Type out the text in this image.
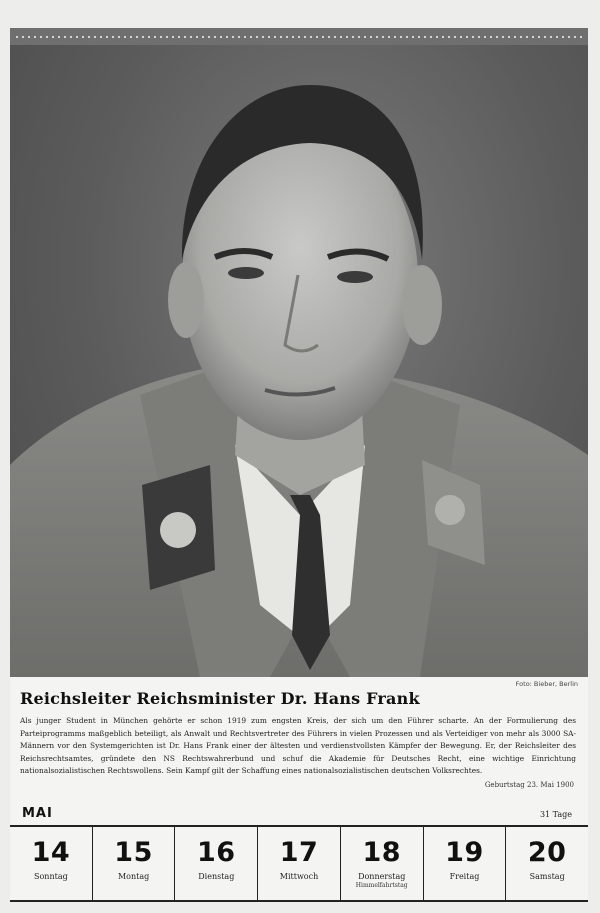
Foto: Bieber, Berlin
Reichsleiter Reichsminister Dr. Hans Frank
Als junger Student in München gehörte er schon 1919 zum engsten Kreis, der sich um den Führer scharte. An der Formulierung des Parteiprogramms maßgeblich beteiligt, als Anwalt und Rechtsvertreter des Führers in vielen Prozessen und als Verteidiger von mehr als 3000 SA-Männern vor den Systemgerichten ist Dr. Hans Frank einer der ältesten und verdienstvollsten Kämpfer der Bewegung. Er, der Reichsleiter des Reichsrechtsamtes, gründete den NS Rechtswahrerbund und schuf die Akademie für Deutsches Recht, eine wichtige Einrichtung nationalsozialistischen Rechtswollens. Sein Kampf gilt der Schaffung eines nationalsozialistischen deutschen Volksrechtes.
Geburtstag 23. Mai 1900
MAI	31 Tage
14
Sonntag
15
Montag
16
Dienstag
17
Mittwoch
18
Donnerstag
Himmelfahrtstag
19
Freitag
20
Samstag
